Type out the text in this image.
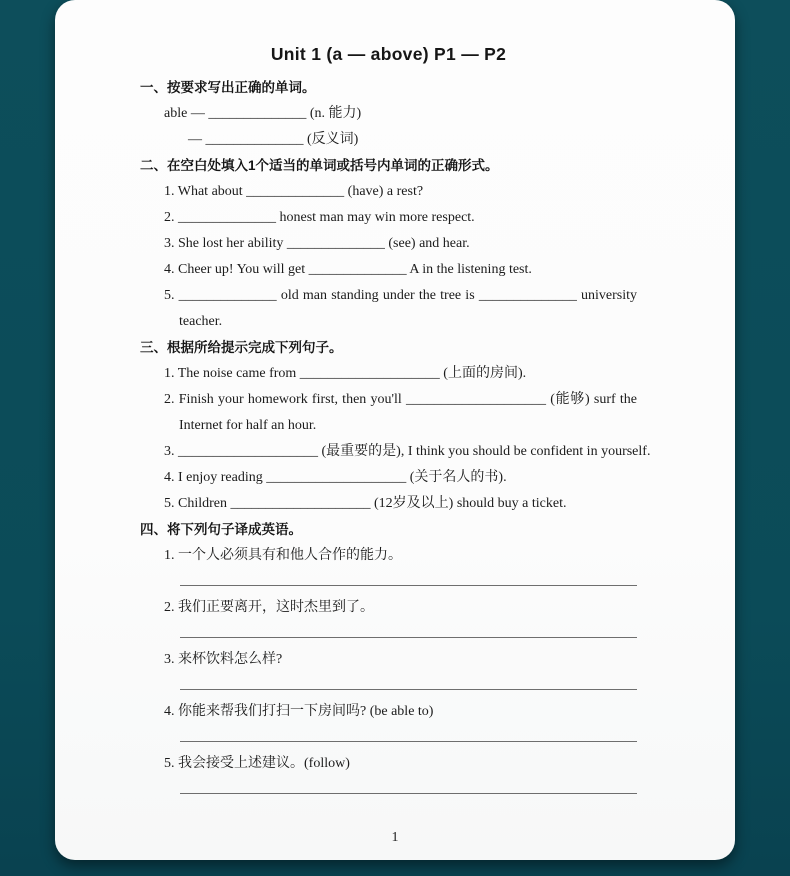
Unit 1 (a — above) P1 — P2
一、按要求写出正确的单词。
able — ______________ (n. 能力)
— ______________ (反义词)
二、在空白处填入1个适当的单词或括号内单词的正确形式。
1. What about ______________ (have) a rest?
2. ______________ honest man may win more respect.
3. She lost her ability ______________ (see) and hear.
4. Cheer up! You will get ______________ A in the listening test.
5. ______________ old man standing under the tree is ______________ university
teacher.
三、根据所给提示完成下列句子。
1. The noise came from ____________________ (上面的房间).
2. Finish your homework first, then you'll ____________________ (能够) surf the
Internet for half an hour.
3. ____________________ (最重要的是), I think you should be confident in yourself.
4. I enjoy reading ____________________ (关于名人的书).
5. Children ____________________ (12岁及以上) should buy a ticket.
四、将下列句子译成英语。
1. 一个人必须具有和他人合作的能力。
2. 我们正要离开，这时杰里到了。
3. 来杯饮料怎么样?
4. 你能来帮我们打扫一下房间吗? (be able to)
5. 我会接受上述建议。(follow)
1
